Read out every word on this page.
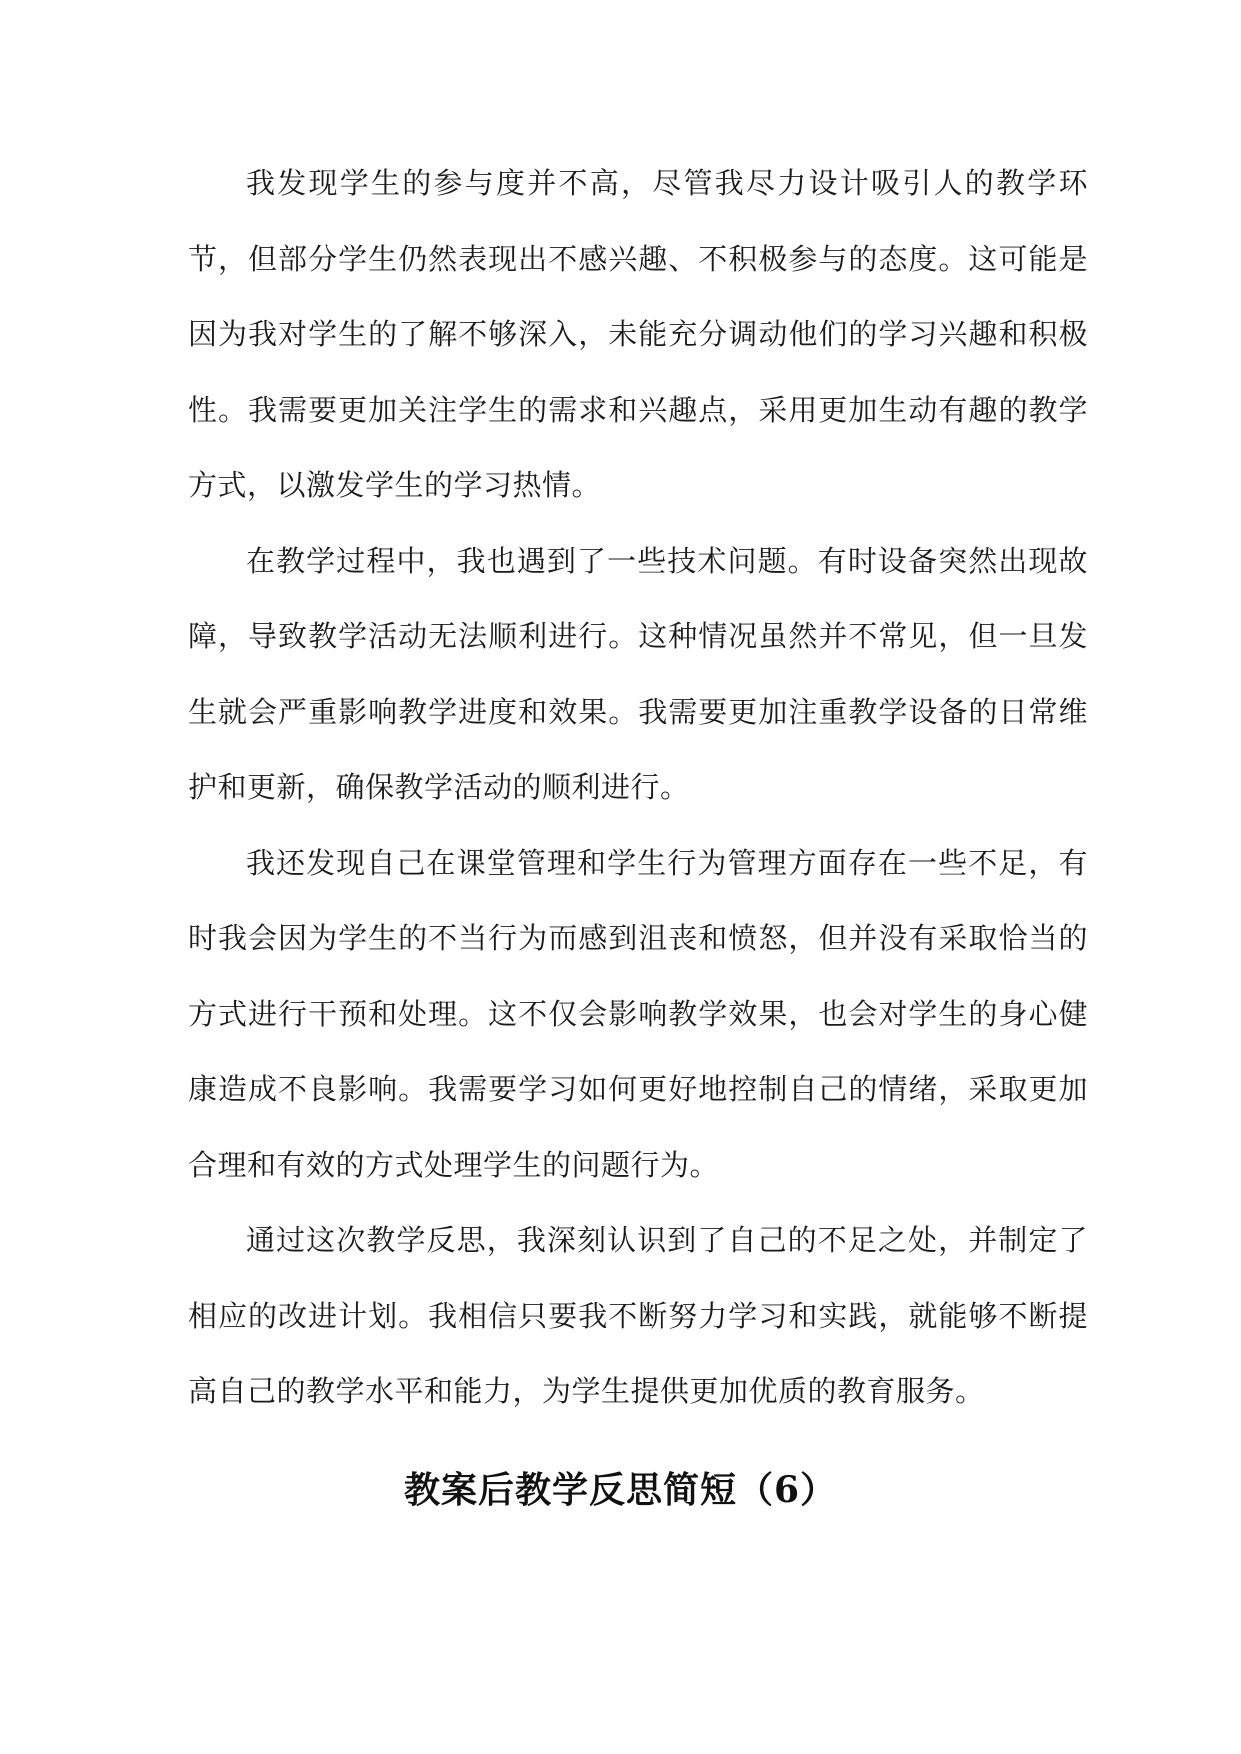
我发现学生的参与度并不高，尽管我尽力设计吸引人的教学环节，但部分学生仍然表现出不感兴趣、不积极参与的态度。这可能是因为我对学生的了解不够深入，未能充分调动他们的学习兴趣和积极性。我需要更加关注学生的需求和兴趣点，采用更加生动有趣的教学方式，以激发学生的学习热情。

在教学过程中，我也遇到了一些技术问题。有时设备突然出现故障，导致教学活动无法顺利进行。这种情况虽然并不常见，但一旦发生就会严重影响教学进度和效果。我需要更加注重教学设备的日常维护和更新，确保教学活动的顺利进行。

我还发现自己在课堂管理和学生行为管理方面存在一些不足，有时我会因为学生的不当行为而感到沮丧和愤怒，但并没有采取恰当的方式进行干预和处理。这不仅会影响教学效果，也会对学生的身心健康造成不良影响。我需要学习如何更好地控制自己的情绪，采取更加合理和有效的方式处理学生的问题行为。

通过这次教学反思，我深刻认识到了自己的不足之处，并制定了相应的改进计划。我相信只要我不断努力学习和实践，就能够不断提高自己的教学水平和能力，为学生提供更加优质的教育服务。

教案后教学反思简短（6）
